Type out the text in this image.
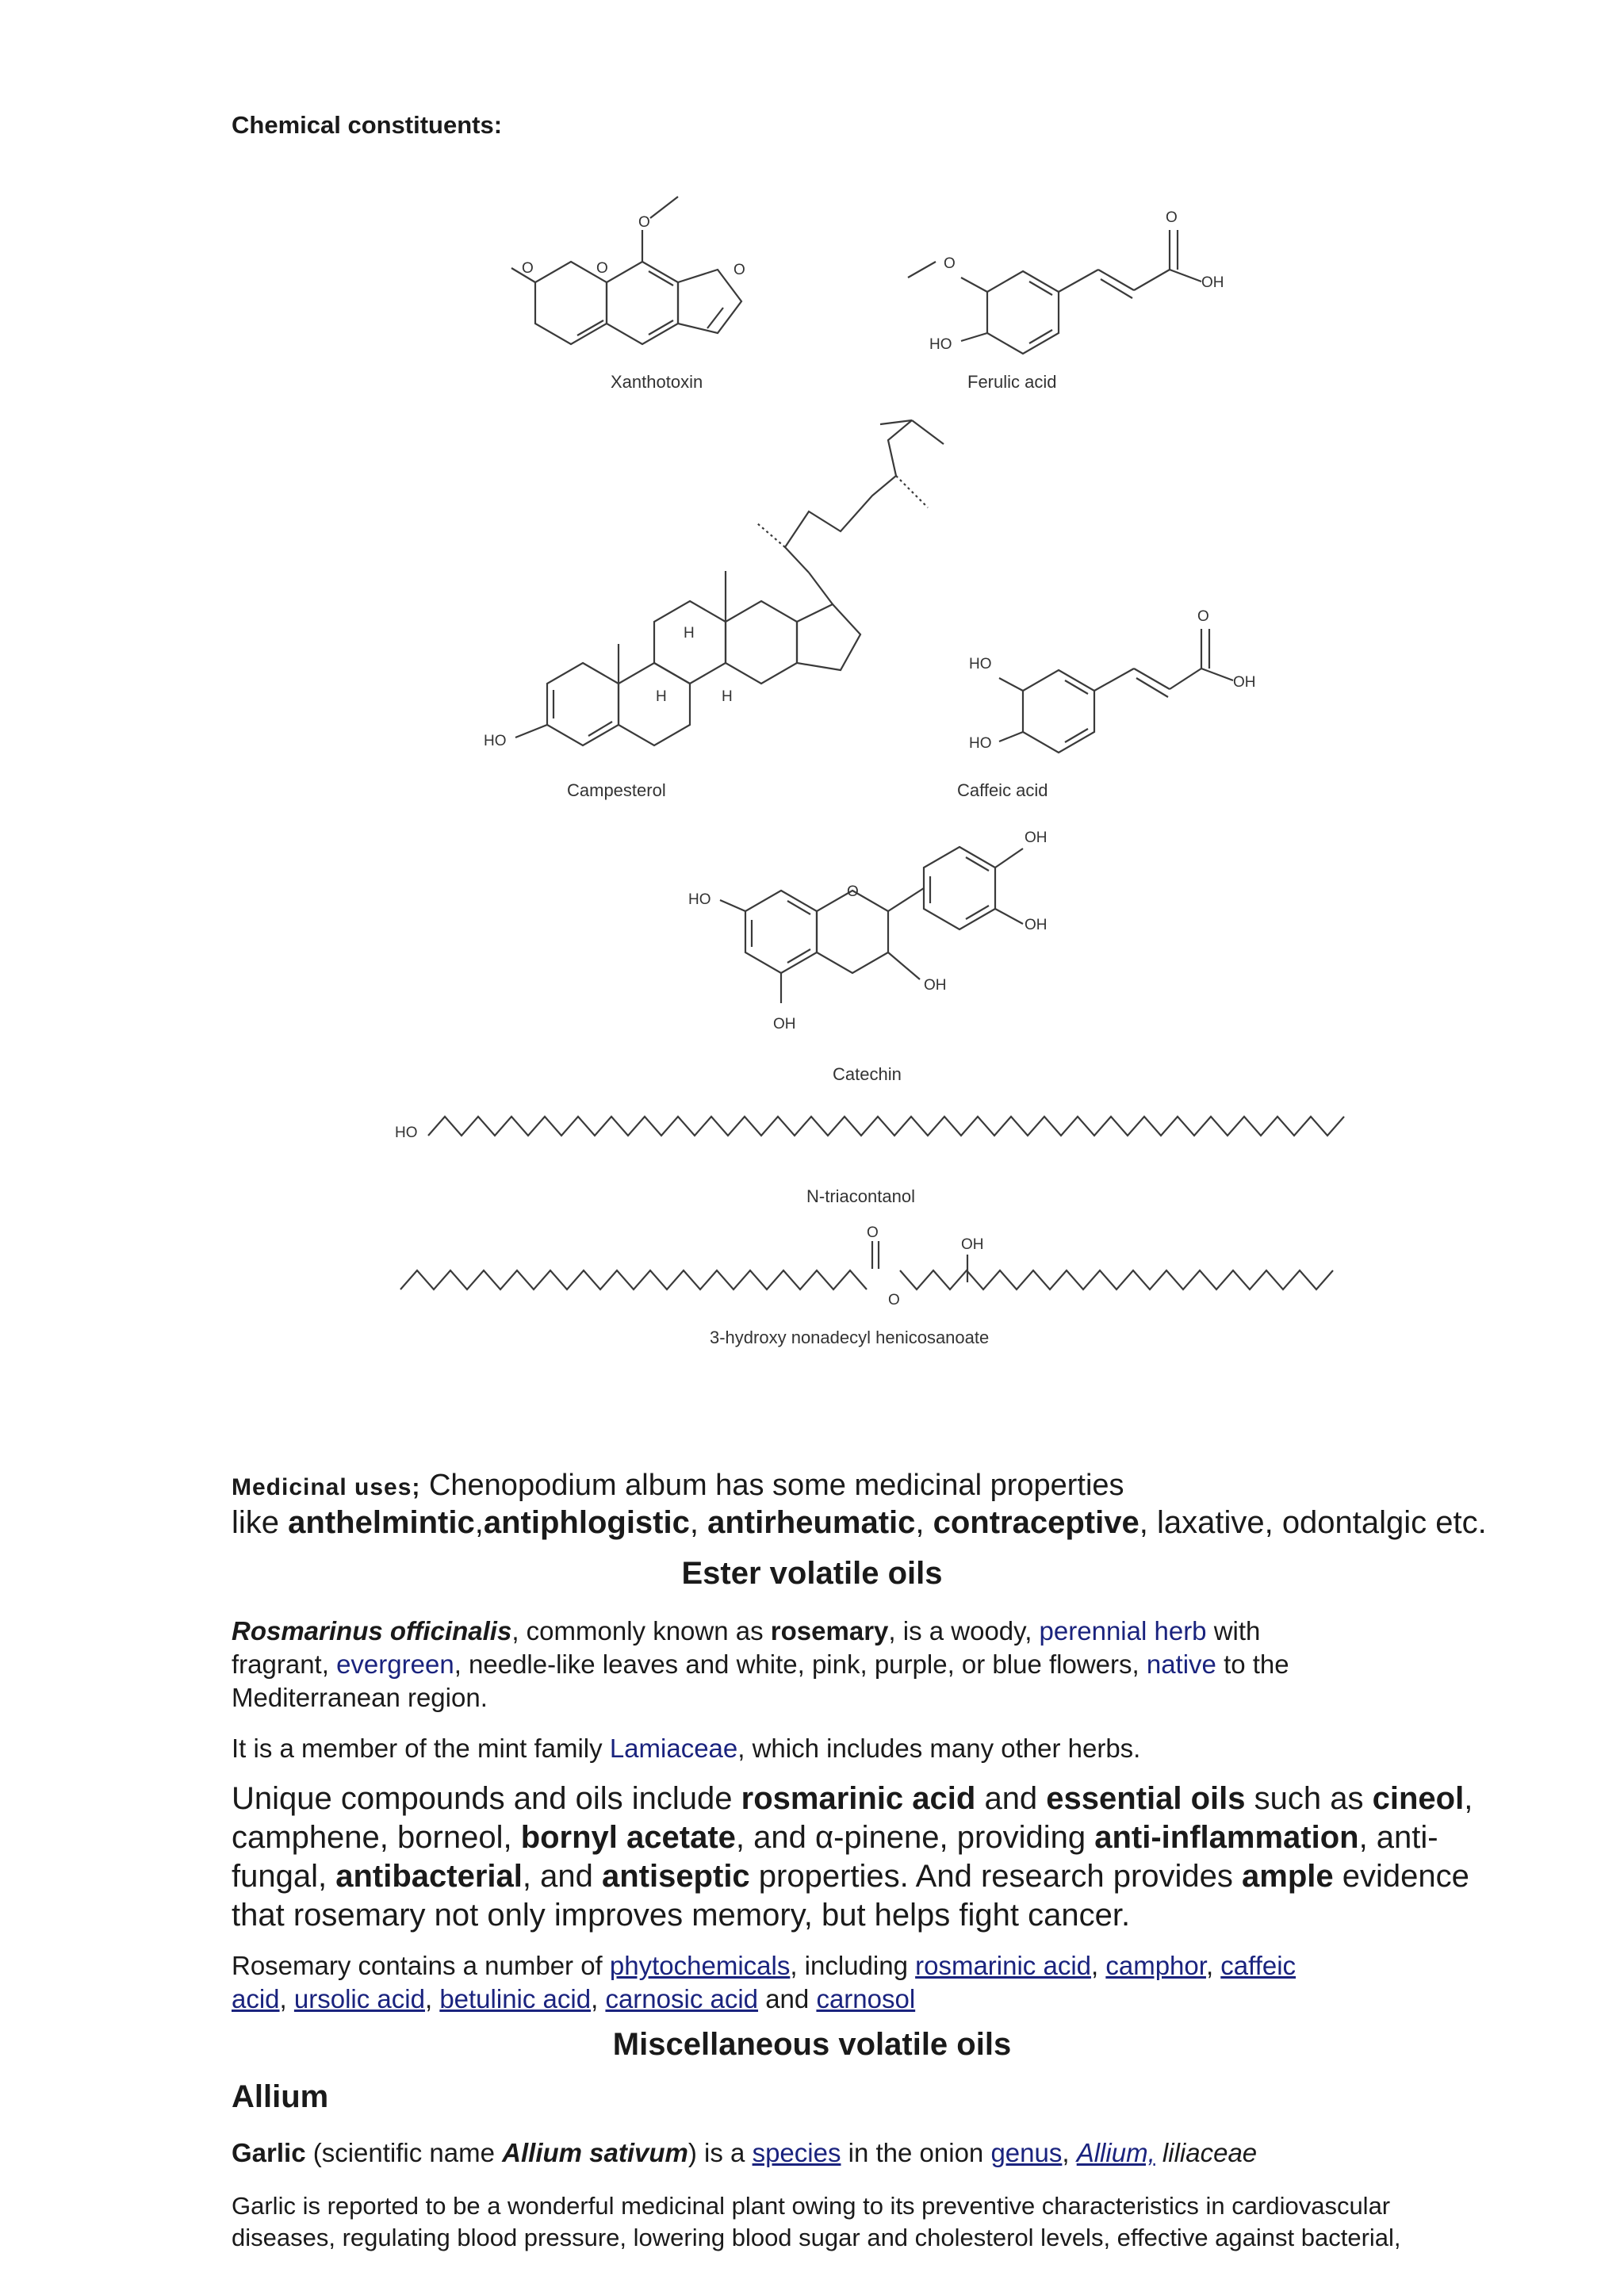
Chemical constituents:
O
O
O	O
Xanthotoxin
O
O
OH
HO
Ferulic acid
HO
H
H	H
Campesterol
O
OH
HO
HO
Caffeic acid
HO	O
OH
OH
OH
OH
Catechin
HO
N-triacontanol
O
O
OH
3-hydroxy nonadecyl henicosanoate
Medicinal uses; Chenopodium album has some medicinal properties
like anthelmintic,antiphlogistic, antirheumatic, contraceptive, laxative, odontalgic etc.
Ester volatile oils
Rosmarinus officinalis, commonly known as rosemary, is a woody, perennial herb with
fragrant, evergreen, needle-like leaves and white, pink, purple, or blue flowers, native to the
Mediterranean region.
It is a member of the mint family Lamiaceae, which includes many other herbs.
Unique compounds and oils include rosmarinic acid and essential oils such as cineol,
camphene, borneol, bornyl acetate, and α-pinene, providing anti-inflammation, anti-
fungal, antibacterial, and antiseptic properties. And research provides ample evidence
that rosemary not only improves memory, but helps fight cancer.
Rosemary contains a number of phytochemicals, including rosmarinic acid, camphor, caffeic
acid, ursolic acid, betulinic acid, carnosic acid and carnosol
Miscellaneous volatile oils
Allium
Garlic (scientific name Allium sativum) is a species in the onion genus, Allium, liliaceae
Garlic is reported to be a wonderful medicinal plant owing to its preventive characteristics in cardiovascular
diseases, regulating blood pressure, lowering blood sugar and cholesterol levels, effective against bacterial,
